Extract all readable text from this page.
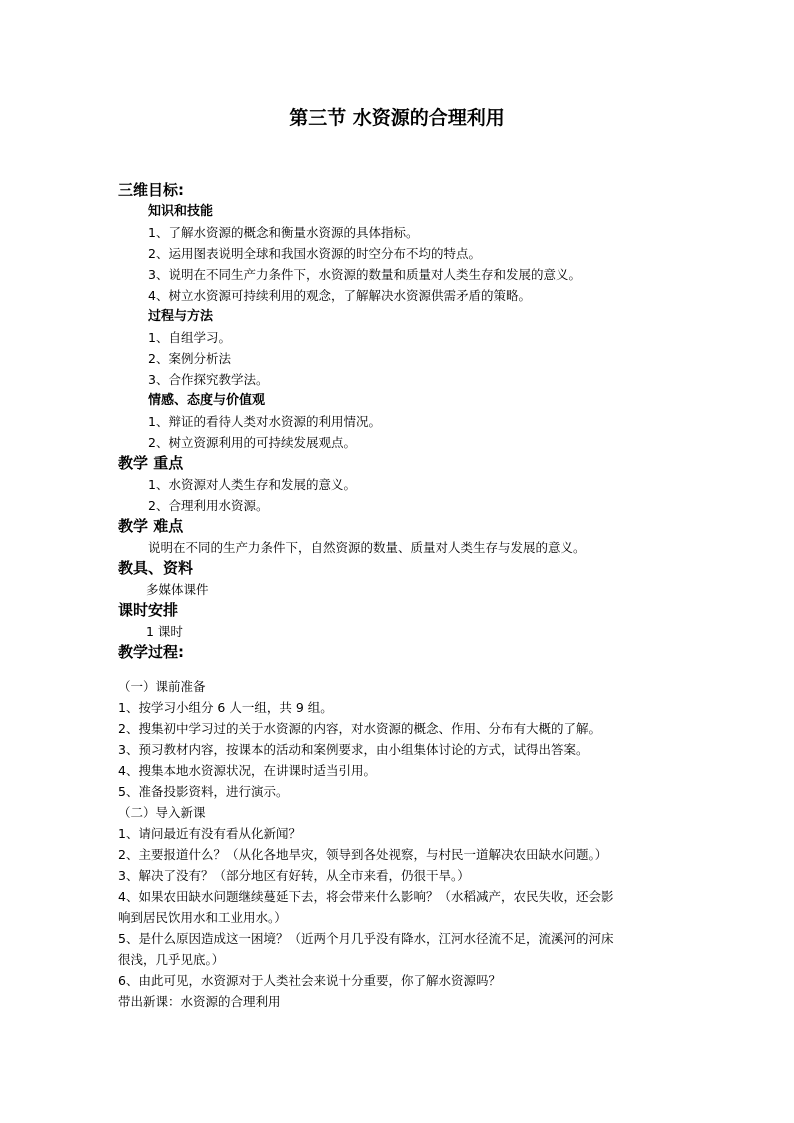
第三节 水资源的合理利用
三维目标:
知识和技能
1、了解水资源的概念和衡量水资源的具体指标。
2、运用图表说明全球和我国水资源的时空分布不均的特点。
3、说明在不同生产力条件下，水资源的数量和质量对人类生存和发展的意义。
4、树立水资源可持续利用的观念，了解解决水资源供需矛盾的策略。
过程与方法
1、自组学习。
2、案例分析法
3、合作探究教学法。
情感、态度与价值观
1、辩证的看待人类对水资源的利用情况。
2、树立资源利用的可持续发展观点。
教学 重点
1、水资源对人类生存和发展的意义。
2、合理利用水资源。
教学 难点
说明在不同的生产力条件下，自然资源的数量、质量对人类生存与发展的意义。
教具、资料
多媒体课件
课时安排
1 课时
教学过程:
（一）课前准备
1、按学习小组分 6 人一组，共 9 组。
2、搜集初中学习过的关于水资源的内容，对水资源的概念、作用、分布有大概的了解。
3、预习教材内容，按课本的活动和案例要求，由小组集体讨论的方式，试得出答案。
4、搜集本地水资源状况，在讲课时适当引用。
5、准备投影资料，进行演示。
（二）导入新课
1、请问最近有没有看从化新闻？
2、主要报道什么？（从化各地旱灾，领导到各处视察，与村民一道解决农田缺水问题。）
3、解决了没有？（部分地区有好转，从全市来看，仍很干旱。）
4、如果农田缺水问题继续蔓延下去，将会带来什么影响？（水稻减产，农民失收，还会影
响到居民饮用水和工业用水。）
5、是什么原因造成这一困境？（近两个月几乎没有降水，江河水径流不足，流溪河的河床
很浅，几乎见底。）
6、由此可见，水资源对于人类社会来说十分重要，你了解水资源吗？
带出新课：水资源的合理利用
